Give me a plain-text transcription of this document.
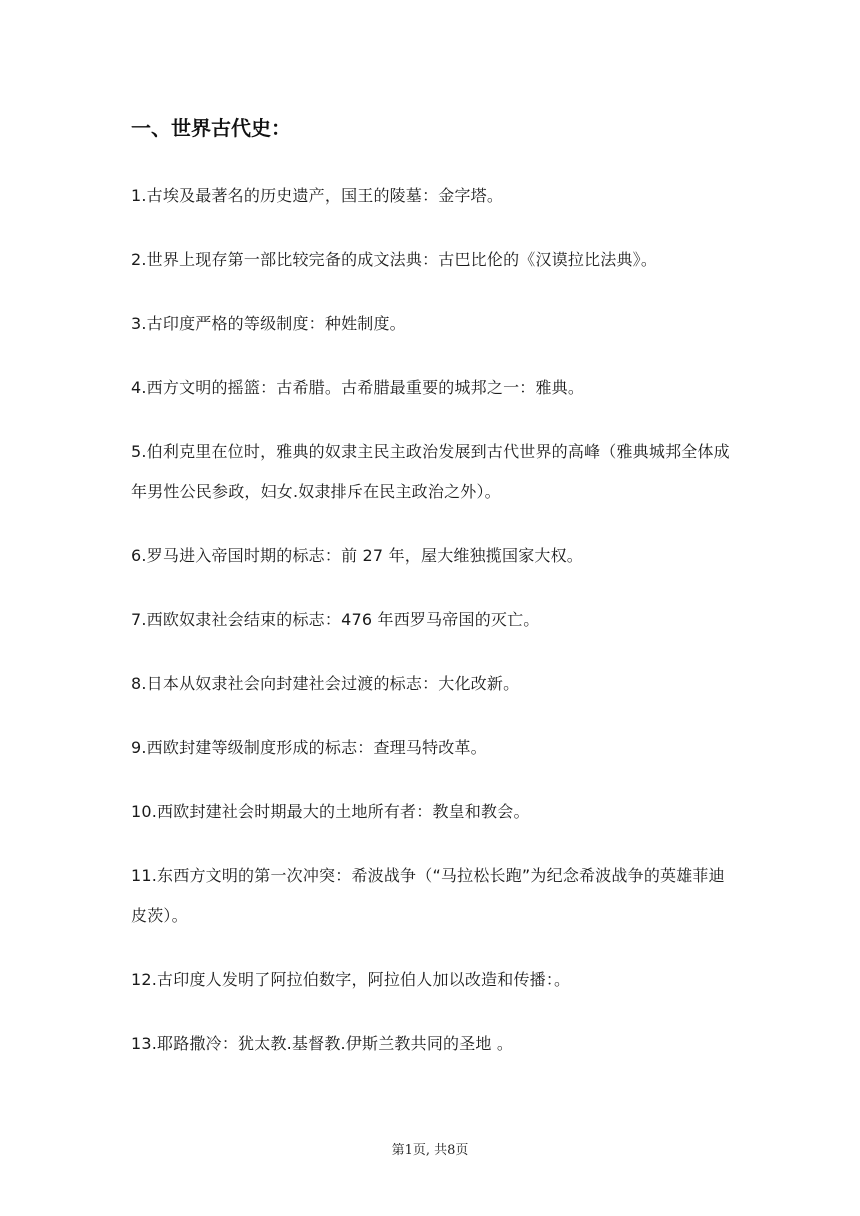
一、世界古代史：

1.古埃及最著名的历史遗产，国王的陵墓：金字塔。

2.世界上现存第一部比较完备的成文法典：古巴比伦的《汉谟拉比法典》。

3.古印度严格的等级制度：种姓制度。

4.西方文明的摇篮：古希腊。古希腊最重要的城邦之一：雅典。

5.伯利克里在位时，雅典的奴隶主民主政治发展到古代世界的高峰（雅典城邦全体成年男性公民参政，妇女.奴隶排斥在民主政治之外）。

6.罗马进入帝国时期的标志：前 27 年，屋大维独揽国家大权。

7.西欧奴隶社会结束的标志：476 年西罗马帝国的灭亡。

8.日本从奴隶社会向封建社会过渡的标志：大化改新。

9.西欧封建等级制度形成的标志：查理马特改革。

10.西欧封建社会时期最大的土地所有者：教皇和教会。

11.东西方文明的第一次冲突：希波战争（“马拉松长跑”为纪念希波战争的英雄菲迪皮茨）。

12.古印度人发明了阿拉伯数字，阿拉伯人加以改造和传播：。

13.耶路撒冷：犹太教.基督教.伊斯兰教共同的圣地 。

第1页, 共8页
